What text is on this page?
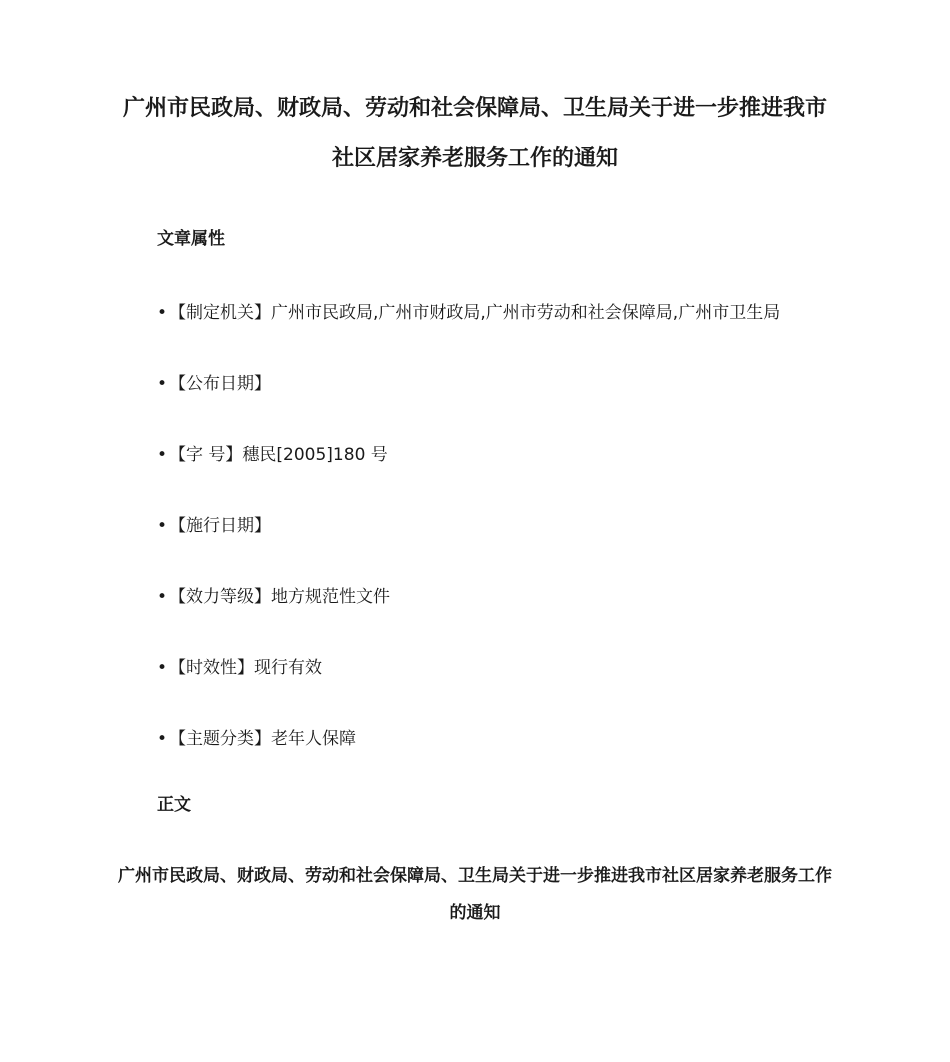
广州市民政局、财政局、劳动和社会保障局、卫生局关于进一步推进我市社区居家养老服务工作的通知
文章属性
• 【制定机关】广州市民政局,广州市财政局,广州市劳动和社会保障局,广州市卫生局
• 【公布日期】
• 【字 号】穗民[2005]180 号
• 【施行日期】
• 【效力等级】地方规范性文件
• 【时效性】现行有效
• 【主题分类】老年人保障
正文
广州市民政局、财政局、劳动和社会保障局、卫生局关于进一步推进我市社区居家养老服务工作的通知
